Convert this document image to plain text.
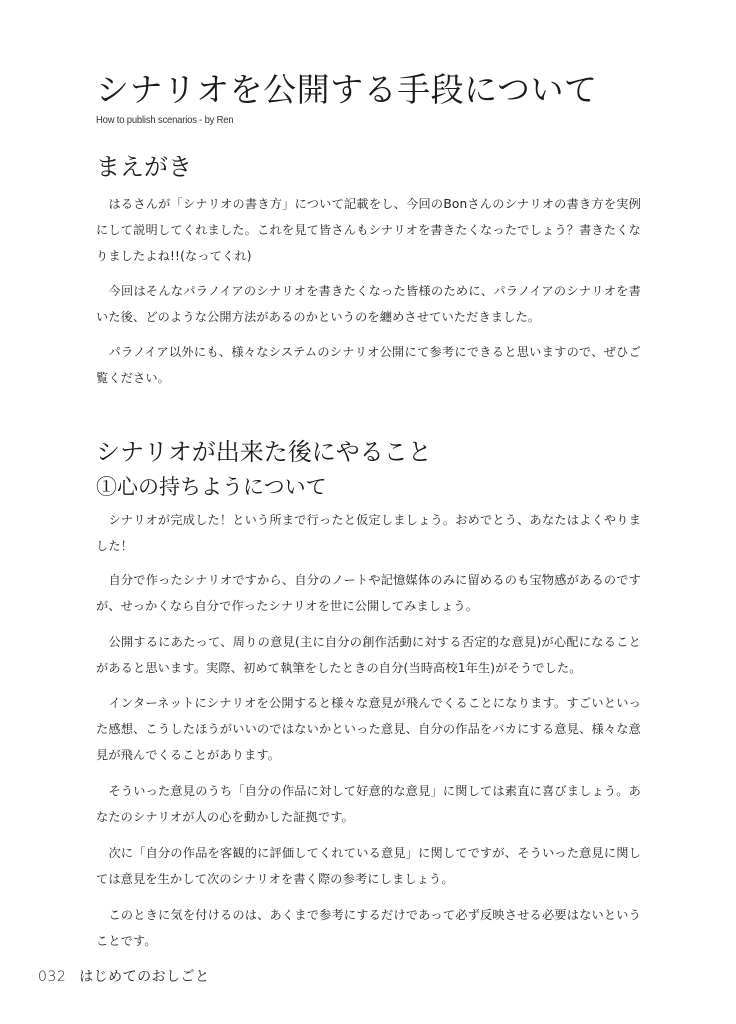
シナリオを公開する手段について
How to publish scenarios - by Ren
まえがき

はるさんが「シナリオの書き方」について記載をし、今回のBonさんのシナリオの書き方を実例にして説明してくれました。これを見て皆さんもシナリオを書きたくなったでしょう？書きたくなりましたよね!!(なってくれ)

今回はそんなパラノイアのシナリオを書きたくなった皆様のために、パラノイアのシナリオを書いた後、どのような公開方法があるのかというのを纏めさせていただきました。

パラノイア以外にも、様々なシステムのシナリオ公開にて参考にできると思いますので、ぜひご覧ください。

シナリオが出来た後にやること
①心の持ちようについて

シナリオが完成した！という所まで行ったと仮定しましょう。おめでとう、あなたはよくやりました！

自分で作ったシナリオですから、自分のノートや記憶媒体のみに留めるのも宝物感があるのですが、せっかくなら自分で作ったシナリオを世に公開してみましょう。

公開するにあたって、周りの意見(主に自分の創作活動に対する否定的な意見)が心配になることがあると思います。実際、初めて執筆をしたときの自分(当時高校1年生)がそうでした。

インターネットにシナリオを公開すると様々な意見が飛んでくることになります。すごいといった感想、こうしたほうがいいのではないかといった意見、自分の作品をバカにする意見、様々な意見が飛んでくることがあります。

そういった意見のうち「自分の作品に対して好意的な意見」に関しては素直に喜びましょう。あなたのシナリオが人の心を動かした証拠です。

次に「自分の作品を客観的に評価してくれている意見」に関してですが、そういった意見に関しては意見を生かして次のシナリオを書く際の参考にしましょう。

このときに気を付けるのは、あくまで参考にするだけであって必ず反映させる必要はないということです。

032 はじめてのおしごと
